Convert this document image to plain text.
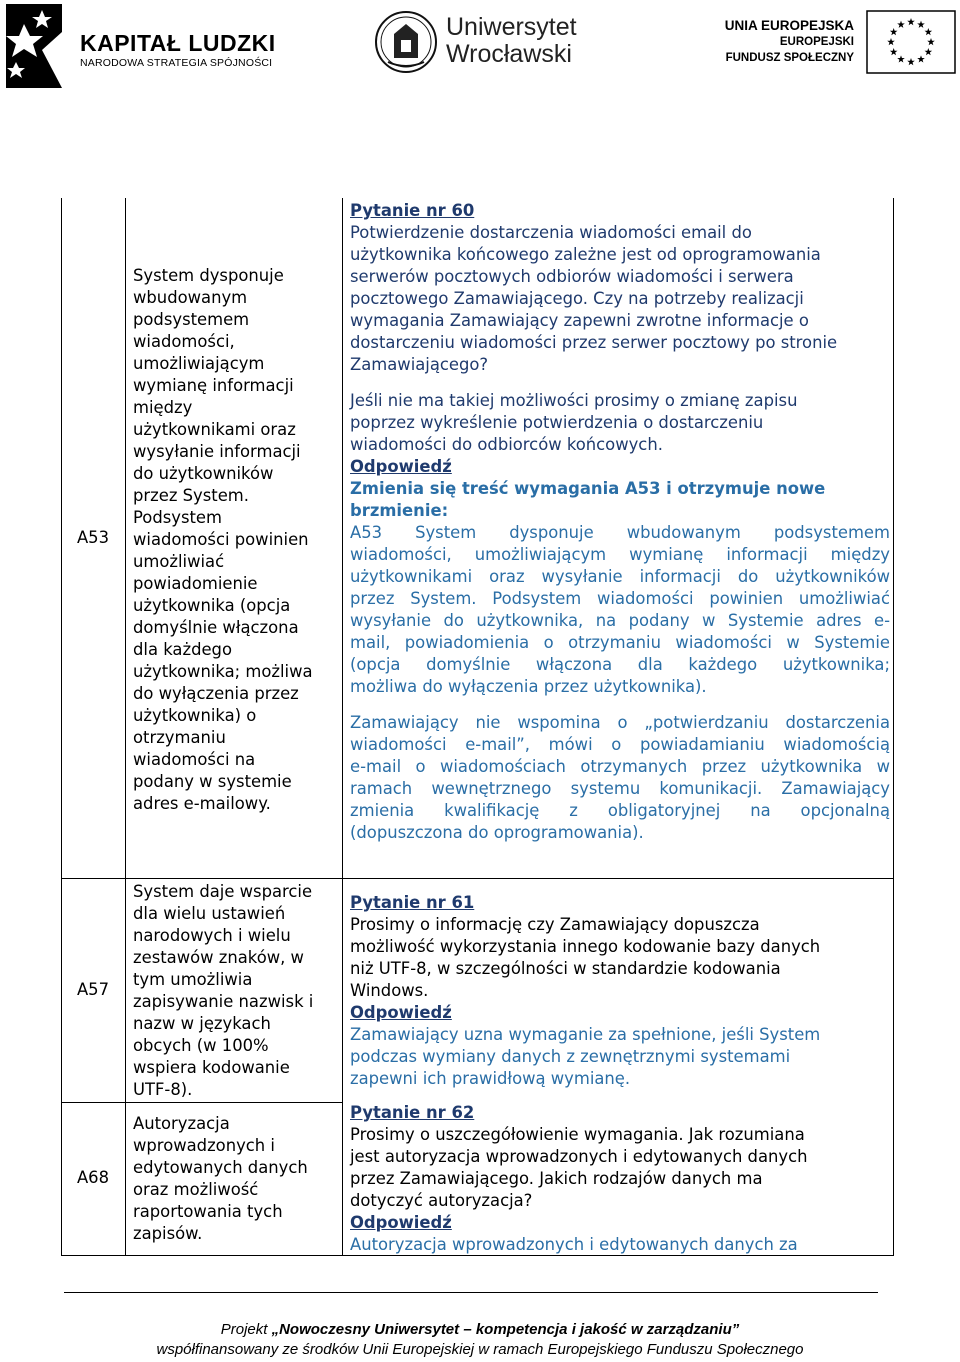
KAPITAŁ LUDZKI
NARODOWA STRATEGIA SPÓJNOŚCI
Uniwersytet
Wrocławski
UNIA EUROPEJSKA
EUROPEJSKI
FUNDUSZ SPOŁECZNY
A53
A57
A68
System dysponuje
wbudowanym
podsystemem
wiadomości,
umożliwiającym
wymianę informacji
między
użytkownikami oraz
wysyłanie informacji
do użytkowników
przez System.
Podsystem
wiadomości powinien
umożliwiać
powiadomienie
użytkownika (opcja
domyślnie włączona
dla każdego
użytkownika; możliwa
do wyłączenia przez
użytkownika) o
otrzymaniu
wiadomości na
podany w systemie
adres e-mailowy.
System daje wsparcie
dla wielu ustawień
narodowych i wielu
zestawów znaków, w
tym umożliwia
zapisywanie nazwisk i
nazw w językach
obcych (w 100%
wspiera kodowanie
UTF-8).
Autoryzacja
wprowadzonych i
edytowanych danych
oraz możliwość
raportowania tych
zapisów.

Pytanie nr 60

Potwierdzenie dostarczenia wiadomości email do
użytkownika końcowego zależne jest od oprogramowania
serwerów pocztowych odbiorów wiadomości i serwera
pocztowego Zamawiającego. Czy na potrzeby realizacji
wymagania Zamawiający zapewni zwrotne informacje o
dostarczeniu wiadomości przez serwer pocztowy po stronie
Zamawiającego?
Jeśli nie ma takiej możliwości prosimy o zmianę zapisu
poprzez wykreślenie potwierdzenia o dostarczeniu
wiadomości do odbiorców końcowych.

Odpowiedź

Zmienia się treść wymagania A53 i otrzymuje nowe
brzmienie:
A53 System dysponuje wbudowanym podsystemem
wiadomości, umożliwiającym wymianę informacji między
użytkownikami oraz wysyłanie informacji do użytkowników
przez System. Podsystem wiadomości powinien umożliwiać
wysyłanie do użytkownika, na podany w Systemie adres e-
mail, powiadomienia o otrzymaniu wiadomości w Systemie
(opcja domyślnie włączona dla każdego użytkownika;
możliwa do wyłączenia przez użytkownika).
Zamawiający nie wspomina o „potwierdzaniu dostarczenia
wiadomości e-mail”, mówi o powiadamianiu wiadomością
e-mail o wiadomościach otrzymanych przez użytkownika w
ramach wewnętrznego systemu komunikacji. Zamawiający
zmienia kwalifikację z obligatoryjnej na opcjonalną
(dopuszczona do oprogramowania).

Pytanie nr 61

Prosimy o informację czy Zamawiający dopuszcza
możliwość wykorzystania innego kodowanie bazy danych
niż UTF-8, w szczególności w standardzie kodowania
Windows.

Odpowiedź

Zamawiający uzna wymaganie za spełnione, jeśli System
podczas wymiany danych z zewnętrznymi systemami
zapewni ich prawidłową wymianę.

Pytanie nr 62

Prosimy o uszczegółowienie wymagania. Jak rozumiana
jest autoryzacja wprowadzonych i edytowanych danych
przez Zamawiającego. Jakich rodzajów danych ma
dotyczyć autoryzacja?

Odpowiedź

Autoryzacja wprowadzonych i edytowanych danych za
Projekt „Nowoczesny Uniwersytet – kompetencja i jakość w zarządzaniu”
współfinansowany ze środków Unii Europejskiej w ramach Europejskiego Funduszu Społecznego
